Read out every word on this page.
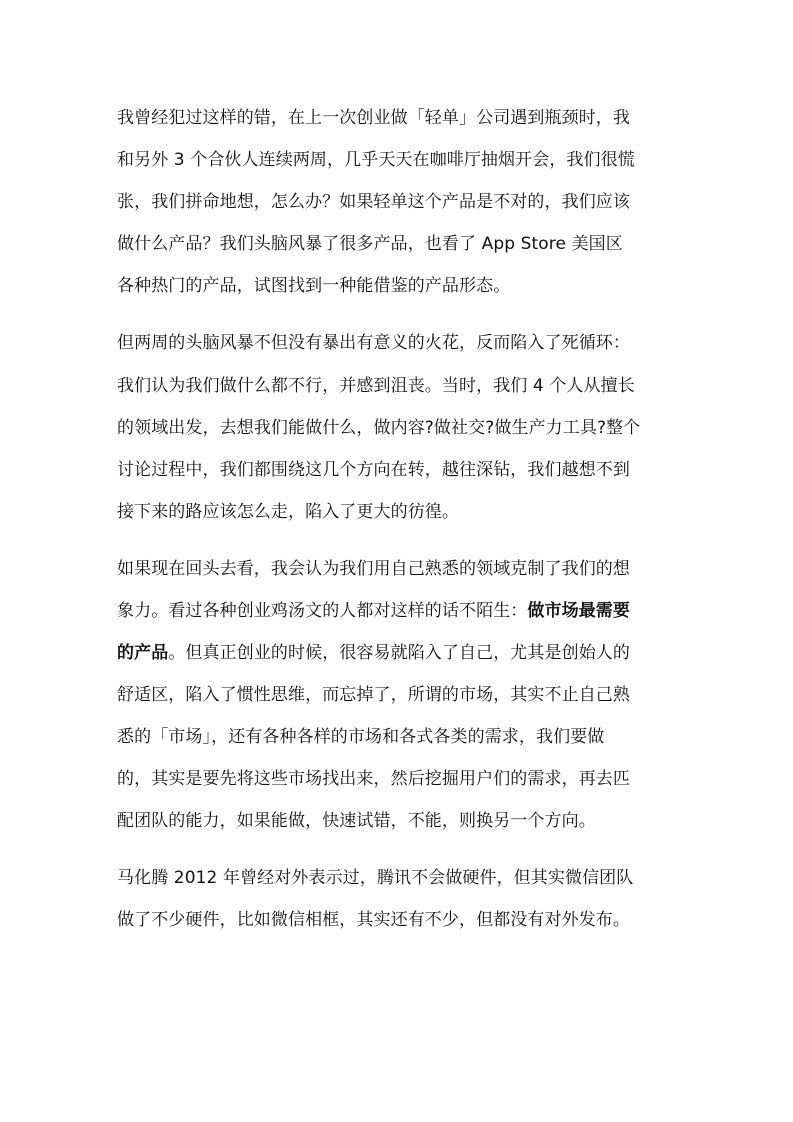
我曾经犯过这样的错，在上一次创业做「轻单」公司遇到瓶颈时，我
和另外 3 个合伙人连续两周，几乎天天在咖啡厅抽烟开会，我们很慌
张，我们拼命地想，怎么办？如果轻单这个产品是不对的，我们应该
做什么产品？我们头脑风暴了很多产品，也看了 App Store 美国区
各种热门的产品，试图找到一种能借鉴的产品形态。
但两周的头脑风暴不但没有暴出有意义的火花，反而陷入了死循环：
我们认为我们做什么都不行，并感到沮丧。当时，我们 4 个人从擅长
的领域出发，去想我们能做什么，做内容?做社交?做生产力工具?整个
讨论过程中，我们都围绕这几个方向在转，越往深钻，我们越想不到
接下来的路应该怎么走，陷入了更大的彷徨。
如果现在回头去看，我会认为我们用自己熟悉的领域克制了我们的想
象力。看过各种创业鸡汤文的人都对这样的话不陌生：做市场最需要
的产品。但真正创业的时候，很容易就陷入了自己，尤其是创始人的
舒适区，陷入了惯性思维，而忘掉了，所谓的市场，其实不止自己熟
悉的「市场」，还有各种各样的市场和各式各类的需求，我们要做
的，其实是要先将这些市场找出来，然后挖掘用户们的需求，再去匹
配团队的能力，如果能做，快速试错，不能，则换另一个方向。
马化腾 2012 年曾经对外表示过，腾讯不会做硬件，但其实微信团队
做了不少硬件，比如微信相框，其实还有不少，但都没有对外发布。
